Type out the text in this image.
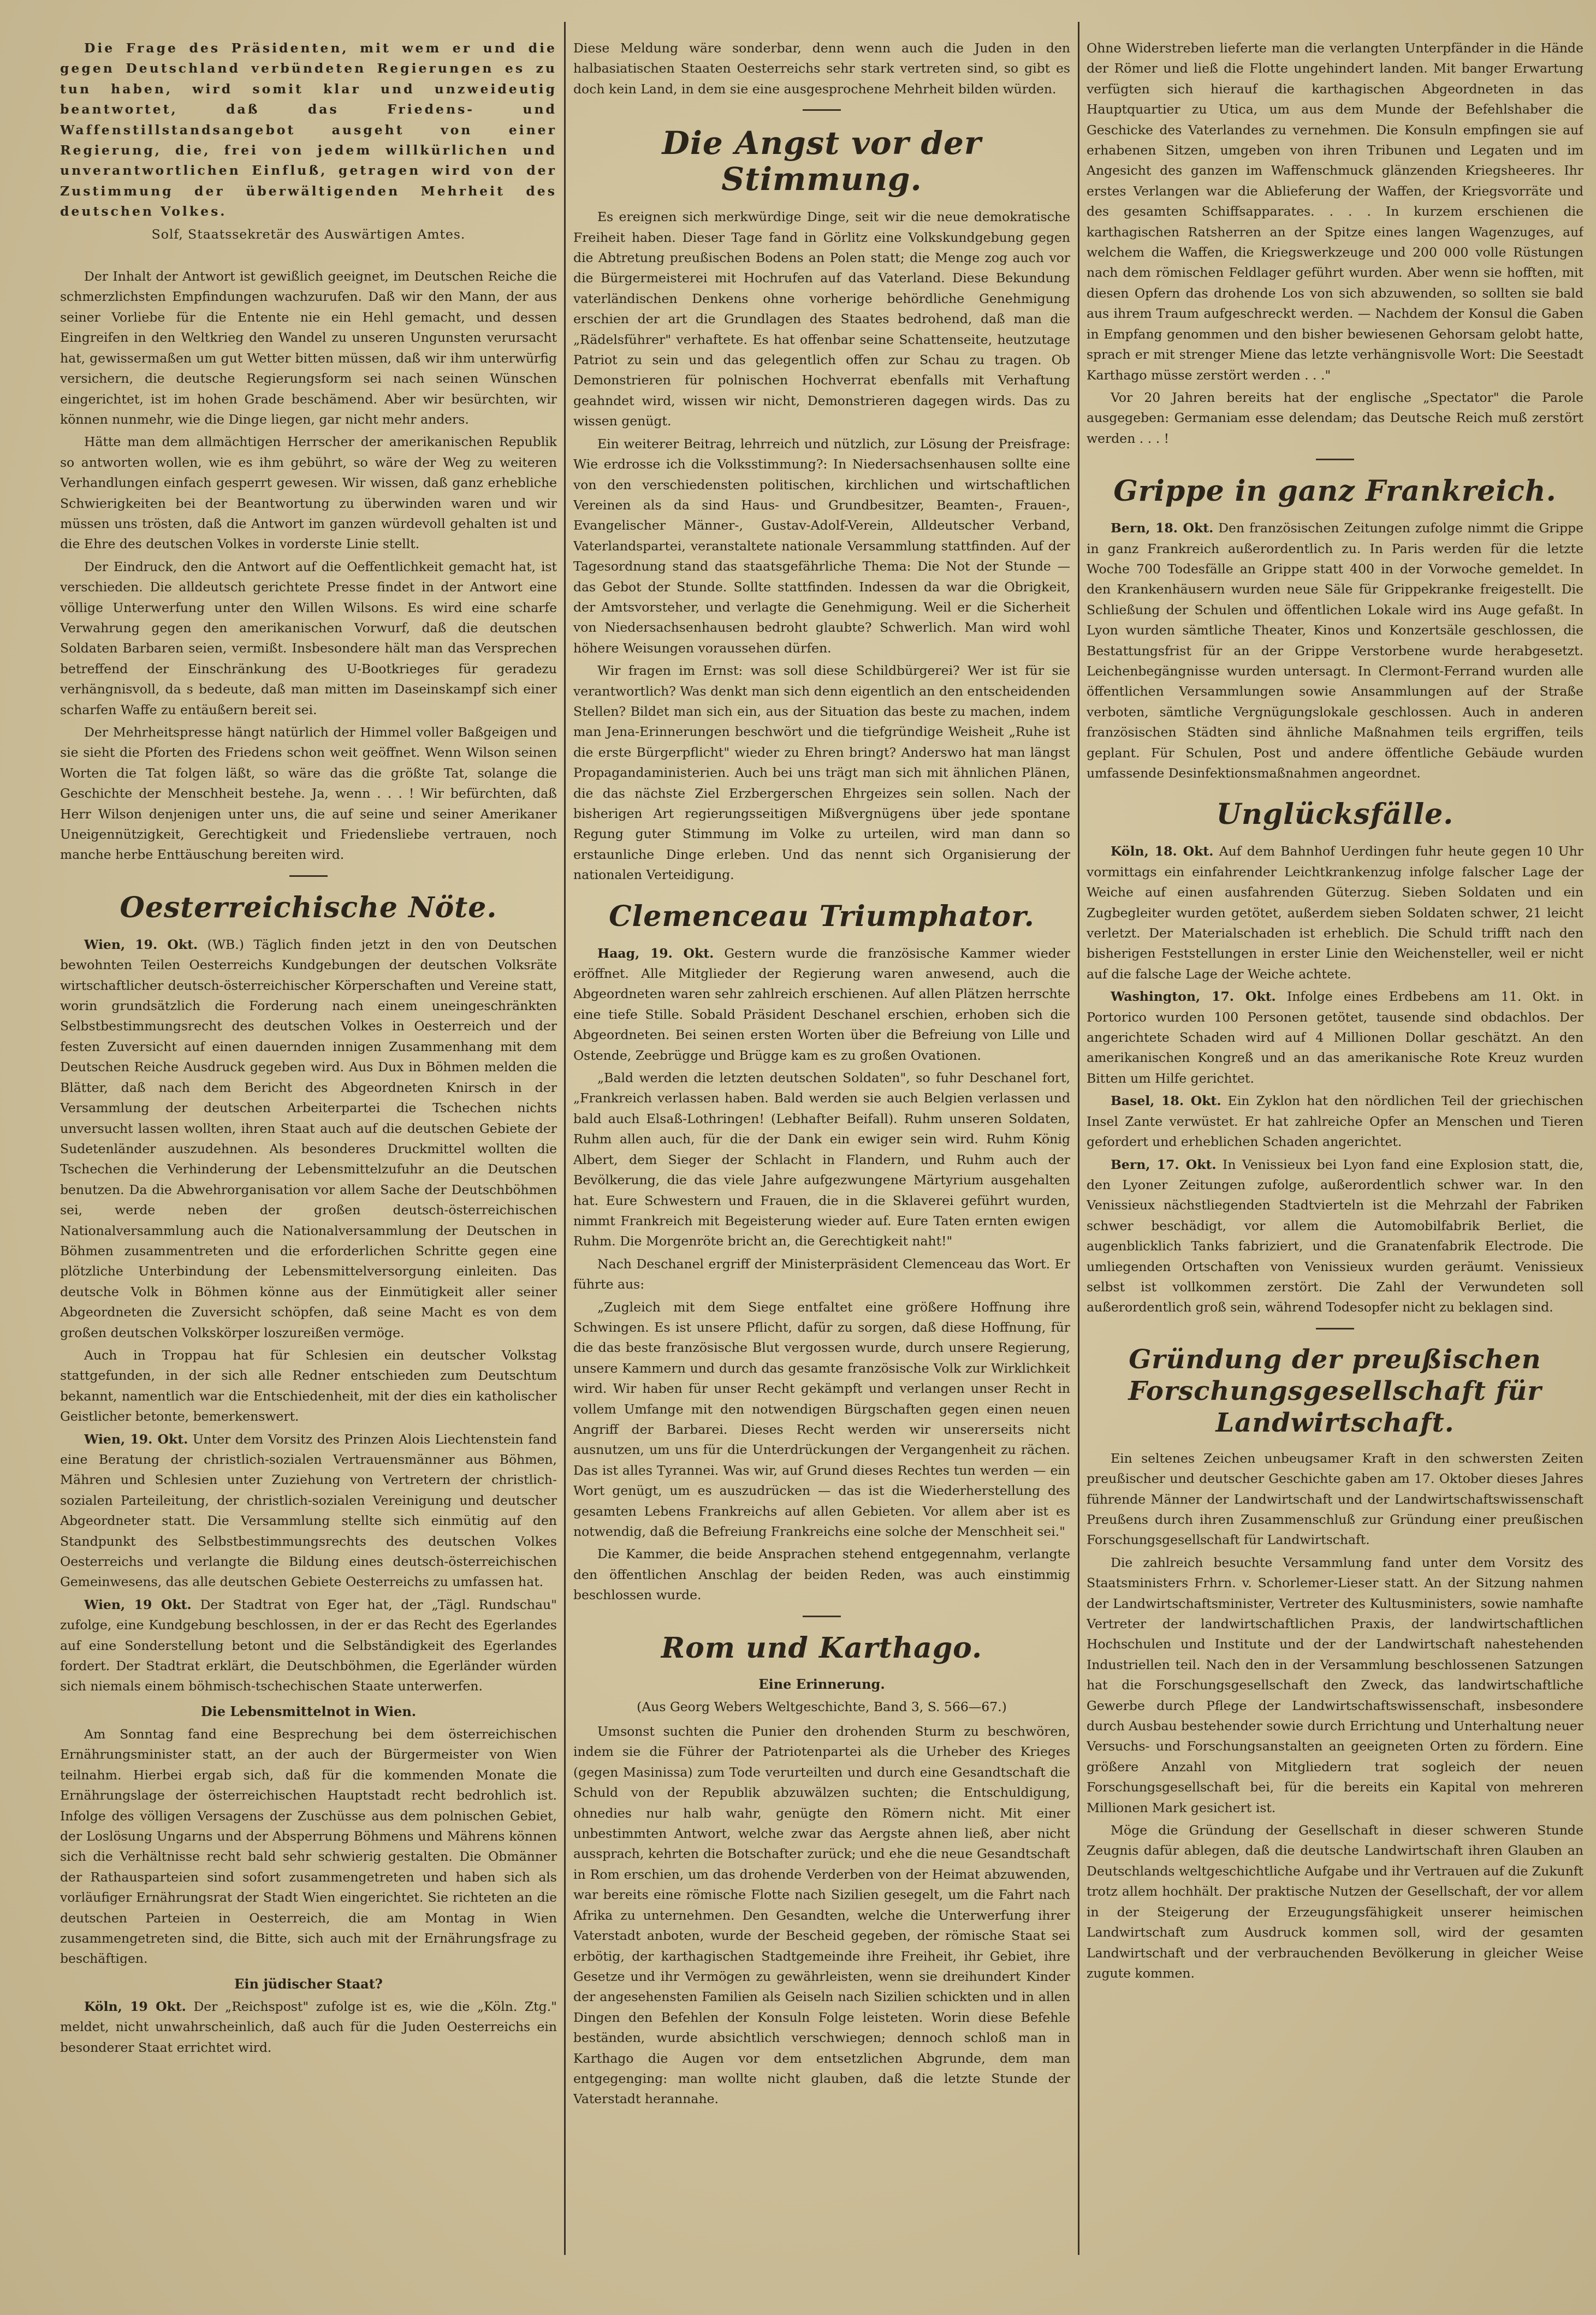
Die Frage des Präsidenten, mit wem er und die gegen Deutschland verbündeten Regierungen es zu tun haben, wird somit klar und unzweideutig beantwortet, daß das Friedens- und Waffenstillstandsangebot ausgeht von einer Regierung, die, frei von jedem willkürlichen und unverantwortlichen Einfluß, getragen wird von der Zustimmung der überwältigenden Mehrheit des deutschen Volkes.

Solf, Staatssekretär des Auswärtigen Amtes.

Der Inhalt der Antwort ist gewißlich geeignet, im Deutschen Reiche die schmerzlichsten Empfindungen wachzurufen. Daß wir den Mann, der aus seiner Vorliebe für die Entente nie ein Hehl gemacht, und dessen Eingreifen in den Weltkrieg den Wandel zu unseren Ungunsten verursacht hat, gewissermaßen um gut Wetter bitten müssen, daß wir ihm unterwürfig versichern, die deutsche Regierungsform sei nach seinen Wünschen eingerichtet, ist im hohen Grade beschämend. Aber wir besürchten, wir können nunmehr, wie die Dinge liegen, gar nicht mehr anders.

Hätte man dem allmächtigen Herrscher der amerikanischen Republik so antworten wollen, wie es ihm gebührt, so wäre der Weg zu weiteren Verhandlungen einfach gesperrt gewesen. Wir wissen, daß ganz erhebliche Schwierigkeiten bei der Beantwortung zu überwinden waren und wir müssen uns trösten, daß die Antwort im ganzen würdevoll gehalten ist und die Ehre des deutschen Volkes in vorderste Linie stellt.

Der Eindruck, den die Antwort auf die Oeffentlichkeit gemacht hat, ist verschieden. Die alldeutsch gerichtete Presse findet in der Antwort eine völlige Unterwerfung unter den Willen Wilsons. Es wird eine scharfe Verwahrung gegen den amerikanischen Vorwurf, daß die deutschen Soldaten Barbaren seien, vermißt. Insbesondere hält man das Versprechen betreffend der Einschränkung des U-Bootkrieges für geradezu verhängnisvoll, da s bedeute, daß man mitten im Daseinskampf sich einer scharfen Waffe zu entäußern bereit sei.

Der Mehrheitspresse hängt natürlich der Himmel voller Baßgeigen und sie sieht die Pforten des Friedens schon weit geöffnet. Wenn Wilson seinen Worten die Tat folgen läßt, so wäre das die größte Tat, solange die Geschichte der Menschheit bestehe. Ja, wenn . . . ! Wir befürchten, daß Herr Wilson denjenigen unter uns, die auf seine und seiner Amerikaner Uneigennützigkeit, Gerechtigkeit und Friedensliebe vertrauen, noch manche herbe Enttäuschung bereiten wird.

Oesterreichische Nöte.

Wien, 19. Okt. (WB.) Täglich finden jetzt in den von Deutschen bewohnten Teilen Oesterreichs Kundgebungen der deutschen Volksräte wirtschaftlicher deutsch-österreichischer Körperschaften und Vereine statt, worin grundsätzlich die Forderung nach einem uneingeschränkten Selbstbestimmungsrecht des deutschen Volkes in Oesterreich und der festen Zuversicht auf einen dauernden innigen Zusammenhang mit dem Deutschen Reiche Ausdruck gegeben wird. Aus Dux in Böhmen melden die Blätter, daß nach dem Bericht des Abgeordneten Knirsch in der Versammlung der deutschen Arbeiterpartei die Tschechen nichts unversucht lassen wollten, ihren Staat auch auf die deutschen Gebiete der Sudetenländer auszudehnen. Als besonderes Druckmittel wollten die Tschechen die Verhinderung der Lebensmittelzufuhr an die Deutschen benutzen. Da die Abwehrorganisation vor allem Sache der Deutschböhmen sei, werde neben der großen deutsch-österreichischen Nationalversammlung auch die Nationalversammlung der Deutschen in Böhmen zusammentreten und die erforderlichen Schritte gegen eine plötzliche Unterbindung der Lebensmittelversorgung einleiten. Das deutsche Volk in Böhmen könne aus der Einmütigkeit aller seiner Abgeordneten die Zuversicht schöpfen, daß seine Macht es von dem großen deutschen Volkskörper loszureißen vermöge.

Auch in Troppau hat für Schlesien ein deutscher Volkstag stattgefunden, in der sich alle Redner entschieden zum Deutschtum bekannt, namentlich war die Entschiedenheit, mit der dies ein katholischer Geistlicher betonte, bemerkenswert.

Wien, 19. Okt. Unter dem Vorsitz des Prinzen Alois Liechtenstein fand eine Beratung der christlich-sozialen Vertrauensmänner aus Böhmen, Mähren und Schlesien unter Zuziehung von Vertretern der christlich-sozialen Parteileitung, der christlich-sozialen Vereinigung und deutscher Abgeordneter statt. Die Versammlung stellte sich einmütig auf den Standpunkt des Selbstbestimmungsrechts des deutschen Volkes Oesterreichs und verlangte die Bildung eines deutsch-österreichischen Gemeinwesens, das alle deutschen Gebiete Oesterreichs zu umfassen hat.

Wien, 19 Okt. Der Stadtrat von Eger hat, der „Tägl. Rundschau" zufolge, eine Kundgebung beschlossen, in der er das Recht des Egerlandes auf eine Sonderstellung betont und die Selbständigkeit des Egerlandes fordert. Der Stadtrat erklärt, die Deutschböhmen, die Egerländer würden sich niemals einem böhmisch-tschechischen Staate unterwerfen.

Die Lebensmittelnot in Wien.

Am Sonntag fand eine Besprechung bei dem österreichischen Ernährungsminister statt, an der auch der Bürgermeister von Wien teilnahm. Hierbei ergab sich, daß für die kommenden Monate die Ernährungslage der österreichischen Hauptstadt recht bedrohlich ist. Infolge des völligen Versagens der Zuschüsse aus dem polnischen Gebiet, der Loslösung Ungarns und der Absperrung Böhmens und Mährens können sich die Verhältnisse recht bald sehr schwierig gestalten. Die Obmänner der Rathausparteien sind sofort zusammengetreten und haben sich als vorläufiger Ernährungsrat der Stadt Wien eingerichtet. Sie richteten an die deutschen Parteien in Oesterreich, die am Montag in Wien zusammengetreten sind, die Bitte, sich auch mit der Ernährungsfrage zu beschäftigen.

Ein jüdischer Staat?

Köln, 19 Okt. Der „Reichspost" zufolge ist es, wie die „Köln. Ztg." meldet, nicht unwahrscheinlich, daß auch für die Juden Oesterreichs ein besonderer Staat errichtet wird.

Diese Meldung wäre sonderbar, denn wenn auch die Juden in den halbasiatischen Staaten Oesterreichs sehr stark vertreten sind, so gibt es doch kein Land, in dem sie eine ausgesprochene Mehrheit bilden würden.

Die Angst vor der Stimmung.

Es ereignen sich merkwürdige Dinge, seit wir die neue demokratische Freiheit haben. Dieser Tage fand in Görlitz eine Volkskundgebung gegen die Abtretung preußischen Bodens an Polen statt; die Menge zog auch vor die Bürgermeisterei mit Hochrufen auf das Vaterland. Diese Bekundung vaterländischen Denkens ohne vorherige behördliche Genehmigung erschien der art die Grundlagen des Staates bedrohend, daß man die „Rädelsführer" verhaftete. Es hat offenbar seine Schattenseite, heutzutage Patriot zu sein und das gelegentlich offen zur Schau zu tragen. Ob Demonstrieren für polnischen Hochverrat ebenfalls mit Verhaftung geahndet wird, wissen wir nicht, Demonstrieren dagegen wirds. Das zu wissen genügt.

Ein weiterer Beitrag, lehrreich und nützlich, zur Lösung der Preisfrage: Wie erdrosse ich die Volksstimmung?: In Niedersachsenhausen sollte eine von den verschiedensten politischen, kirchlichen und wirtschaftlichen Vereinen als da sind Haus- und Grundbesitzer, Beamten-, Frauen-, Evangelischer Männer-, Gustav-Adolf-Verein, Alldeutscher Verband, Vaterlandspartei, veranstaltete nationale Versammlung stattfinden. Auf der Tagesordnung stand das staatsgefährliche Thema: Die Not der Stunde — das Gebot der Stunde. Sollte stattfinden. Indessen da war die Obrigkeit, der Amtsvorsteher, und verlagte die Genehmigung. Weil er die Sicherheit von Niedersachsenhausen bedroht glaubte? Schwerlich. Man wird wohl höhere Weisungen voraussehen dürfen.

Wir fragen im Ernst: was soll diese Schildbürgerei? Wer ist für sie verantwortlich? Was denkt man sich denn eigentlich an den entscheidenden Stellen? Bildet man sich ein, aus der Situation das beste zu machen, indem man Jena-Erinnerungen beschwört und die tiefgründige Weisheit „Ruhe ist die erste Bürgerpflicht" wieder zu Ehren bringt? Anderswo hat man längst Propagandaministerien. Auch bei uns trägt man sich mit ähnlichen Plänen, die das nächste Ziel Erzbergerschen Ehrgeizes sein sollen. Nach der bisherigen Art regierungsseitigen Mißvergnügens über jede spontane Regung guter Stimmung im Volke zu urteilen, wird man dann so erstaunliche Dinge erleben. Und das nennt sich Organisierung der nationalen Verteidigung.

Clemenceau Triumphator.

Haag, 19. Okt. Gestern wurde die französische Kammer wieder eröffnet. Alle Mitglieder der Regierung waren anwesend, auch die Abgeordneten waren sehr zahlreich erschienen. Auf allen Plätzen herrschte eine tiefe Stille. Sobald Präsident Deschanel erschien, erhoben sich die Abgeordneten. Bei seinen ersten Worten über die Befreiung von Lille und Ostende, Zeebrügge und Brügge kam es zu großen Ovationen.

„Bald werden die letzten deutschen Soldaten", so fuhr Deschanel fort, „Frankreich verlassen haben. Bald werden sie auch Belgien verlassen und bald auch Elsaß-Lothringen! (Lebhafter Beifall). Ruhm unseren Soldaten, Ruhm allen auch, für die der Dank ein ewiger sein wird. Ruhm König Albert, dem Sieger der Schlacht in Flandern, und Ruhm auch der Bevölkerung, die das viele Jahre aufgezwungene Märtyrium ausgehalten hat. Eure Schwestern und Frauen, die in die Sklaverei geführt wurden, nimmt Frankreich mit Begeisterung wieder auf. Eure Taten ernten ewigen Ruhm. Die Morgenröte bricht an, die Gerechtigkeit naht!"

Nach Deschanel ergriff der Ministerpräsident Clemenceau das Wort. Er führte aus:

„Zugleich mit dem Siege entfaltet eine größere Hoffnung ihre Schwingen. Es ist unsere Pflicht, dafür zu sorgen, daß diese Hoffnung, für die das beste französische Blut vergossen wurde, durch unsere Regierung, unsere Kammern und durch das gesamte französische Volk zur Wirklichkeit wird. Wir haben für unser Recht gekämpft und verlangen unser Recht in vollem Umfange mit den notwendigen Bürgschaften gegen einen neuen Angriff der Barbarei. Dieses Recht werden wir unsererseits nicht ausnutzen, um uns für die Unterdrückungen der Vergangenheit zu rächen. Das ist alles Tyrannei. Was wir, auf Grund dieses Rechtes tun werden — ein Wort genügt, um es auszudrücken — das ist die Wiederherstellung des gesamten Lebens Frankreichs auf allen Gebieten. Vor allem aber ist es notwendig, daß die Befreiung Frankreichs eine solche der Menschheit sei."

Die Kammer, die beide Ansprachen stehend entgegennahm, verlangte den öffentlichen Anschlag der beiden Reden, was auch einstimmig beschlossen wurde.

Rom und Karthago.
Eine Erinnerung.

(Aus Georg Webers Weltgeschichte, Band 3, S. 566—67.)

Umsonst suchten die Punier den drohenden Sturm zu beschwören, indem sie die Führer der Patriotenpartei als die Urheber des Krieges (gegen Masinissa) zum Tode verurteilten und durch eine Gesandtschaft die Schuld von der Republik abzuwälzen suchten; die Entschuldigung, ohnedies nur halb wahr, genügte den Römern nicht. Mit einer unbestimmten Antwort, welche zwar das Aergste ahnen ließ, aber nicht aussprach, kehrten die Botschafter zurück; und ehe die neue Gesandtschaft in Rom erschien, um das drohende Verderben von der Heimat abzuwenden, war bereits eine römische Flotte nach Sizilien gesegelt, um die Fahrt nach Afrika zu unternehmen. Den Gesandten, welche die Unterwerfung ihrer Vaterstadt anboten, wurde der Bescheid gegeben, der römische Staat sei erbötig, der karthagischen Stadtgemeinde ihre Freiheit, ihr Gebiet, ihre Gesetze und ihr Vermögen zu gewährleisten, wenn sie dreihundert Kinder der angesehensten Familien als Geiseln nach Sizilien schickten und in allen Dingen den Befehlen der Konsuln Folge leisteten. Worin diese Befehle beständen, wurde absichtlich verschwiegen; dennoch schloß man in Karthago die Augen vor dem entsetzlichen Abgrunde, dem man entgegenging: man wollte nicht glauben, daß die letzte Stunde der Vaterstadt herannahe.

Ohne Widerstreben lieferte man die verlangten Unterpfänder in die Hände der Römer und ließ die Flotte ungehindert landen. Mit banger Erwartung verfügten sich hierauf die karthagischen Abgeordneten in das Hauptquartier zu Utica, um aus dem Munde der Befehlshaber die Geschicke des Vaterlandes zu vernehmen. Die Konsuln empfingen sie auf erhabenen Sitzen, umgeben von ihren Tribunen und Legaten und im Angesicht des ganzen im Waffenschmuck glänzenden Kriegsheeres. Ihr erstes Verlangen war die Ablieferung der Waffen, der Kriegsvorräte und des gesamten Schiffsapparates. . . . In kurzem erschienen die karthagischen Ratsherren an der Spitze eines langen Wagenzuges, auf welchem die Waffen, die Kriegswerkzeuge und 200 000 volle Rüstungen nach dem römischen Feldlager geführt wurden. Aber wenn sie hofften, mit diesen Opfern das drohende Los von sich abzuwenden, so sollten sie bald aus ihrem Traum aufgeschreckt werden. — Nachdem der Konsul die Gaben in Empfang genommen und den bisher bewiesenen Gehorsam gelobt hatte, sprach er mit strenger Miene das letzte verhängnisvolle Wort: Die Seestadt Karthago müsse zerstört werden . . ."

Vor 20 Jahren bereits hat der englische „Spectator" die Parole ausgegeben: Germaniam esse delendam; das Deutsche Reich muß zerstört werden . . . !

Grippe in ganz Frankreich.

Bern, 18. Okt. Den französischen Zeitungen zufolge nimmt die Grippe in ganz Frankreich außerordentlich zu. In Paris werden für die letzte Woche 700 Todesfälle an Grippe statt 400 in der Vorwoche gemeldet. In den Krankenhäusern wurden neue Säle für Grippekranke freigestellt. Die Schließung der Schulen und öffentlichen Lokale wird ins Auge gefaßt. In Lyon wurden sämtliche Theater, Kinos und Konzertsäle geschlossen, die Bestattungsfrist für an der Grippe Verstorbene wurde herabgesetzt. Leichenbegängnisse wurden untersagt. In Clermont-Ferrand wurden alle öffentlichen Versammlungen sowie Ansammlungen auf der Straße verboten, sämtliche Vergnügungslokale geschlossen. Auch in anderen französischen Städten sind ähnliche Maßnahmen teils ergriffen, teils geplant. Für Schulen, Post und andere öffentliche Gebäude wurden umfassende Desinfektionsmaßnahmen angeordnet.

Unglücksfälle.

Köln, 18. Okt. Auf dem Bahnhof Uerdingen fuhr heute gegen 10 Uhr vormittags ein einfahrender Leichtkrankenzug infolge falscher Lage der Weiche auf einen ausfahrenden Güterzug. Sieben Soldaten und ein Zugbegleiter wurden getötet, außerdem sieben Soldaten schwer, 21 leicht verletzt. Der Materialschaden ist erheblich. Die Schuld trifft nach den bisherigen Feststellungen in erster Linie den Weichensteller, weil er nicht auf die falsche Lage der Weiche achtete.

Washington, 17. Okt. Infolge eines Erdbebens am 11. Okt. in Portorico wurden 100 Personen getötet, tausende sind obdachlos. Der angerichtete Schaden wird auf 4 Millionen Dollar geschätzt. An den amerikanischen Kongreß und an das amerikanische Rote Kreuz wurden Bitten um Hilfe gerichtet.

Basel, 18. Okt. Ein Zyklon hat den nördlichen Teil der griechischen Insel Zante verwüstet. Er hat zahlreiche Opfer an Menschen und Tieren gefordert und erheblichen Schaden angerichtet.

Bern, 17. Okt. In Venissieux bei Lyon fand eine Explosion statt, die, den Lyoner Zeitungen zufolge, außerordentlich schwer war. In den Venissieux nächstliegenden Stadtvierteln ist die Mehrzahl der Fabriken schwer beschädigt, vor allem die Automobilfabrik Berliet, die augenblicklich Tanks fabriziert, und die Granatenfabrik Electrode. Die umliegenden Ortschaften von Venissieux wurden geräumt. Venissieux selbst ist vollkommen zerstört. Die Zahl der Verwundeten soll außerordentlich groß sein, während Todesopfer nicht zu beklagen sind.

Gründung der preußischen Forschungsgesellschaft für Landwirtschaft.

Ein seltenes Zeichen unbeugsamer Kraft in den schwersten Zeiten preußischer und deutscher Geschichte gaben am 17. Oktober dieses Jahres führende Männer der Landwirtschaft und der Landwirtschaftswissenschaft Preußens durch ihren Zusammenschluß zur Gründung einer preußischen Forschungsgesellschaft für Landwirtschaft.

Die zahlreich besuchte Versammlung fand unter dem Vorsitz des Staatsministers Frhrn. v. Schorlemer-Lieser statt. An der Sitzung nahmen der Landwirtschaftsminister, Vertreter des Kultusministers, sowie namhafte Vertreter der landwirtschaftlichen Praxis, der landwirtschaftlichen Hochschulen und Institute und der der Landwirtschaft nahestehenden Industriellen teil. Nach den in der Versammlung beschlossenen Satzungen hat die Forschungsgesellschaft den Zweck, das landwirtschaftliche Gewerbe durch Pflege der Landwirtschaftswissenschaft, insbesondere durch Ausbau bestehender sowie durch Errichtung und Unterhaltung neuer Versuchs- und Forschungsanstalten an geeigneten Orten zu fördern. Eine größere Anzahl von Mitgliedern trat sogleich der neuen Forschungsgesellschaft bei, für die bereits ein Kapital von mehreren Millionen Mark gesichert ist.

Möge die Gründung der Gesellschaft in dieser schweren Stunde Zeugnis dafür ablegen, daß die deutsche Landwirtschaft ihren Glauben an Deutschlands weltgeschichtliche Aufgabe und ihr Vertrauen auf die Zukunft trotz allem hochhält. Der praktische Nutzen der Gesellschaft, der vor allem in der Steigerung der Erzeugungsfähigkeit unserer heimischen Landwirtschaft zum Ausdruck kommen soll, wird der gesamten Landwirtschaft und der verbrauchenden Bevölkerung in gleicher Weise zugute kommen.
